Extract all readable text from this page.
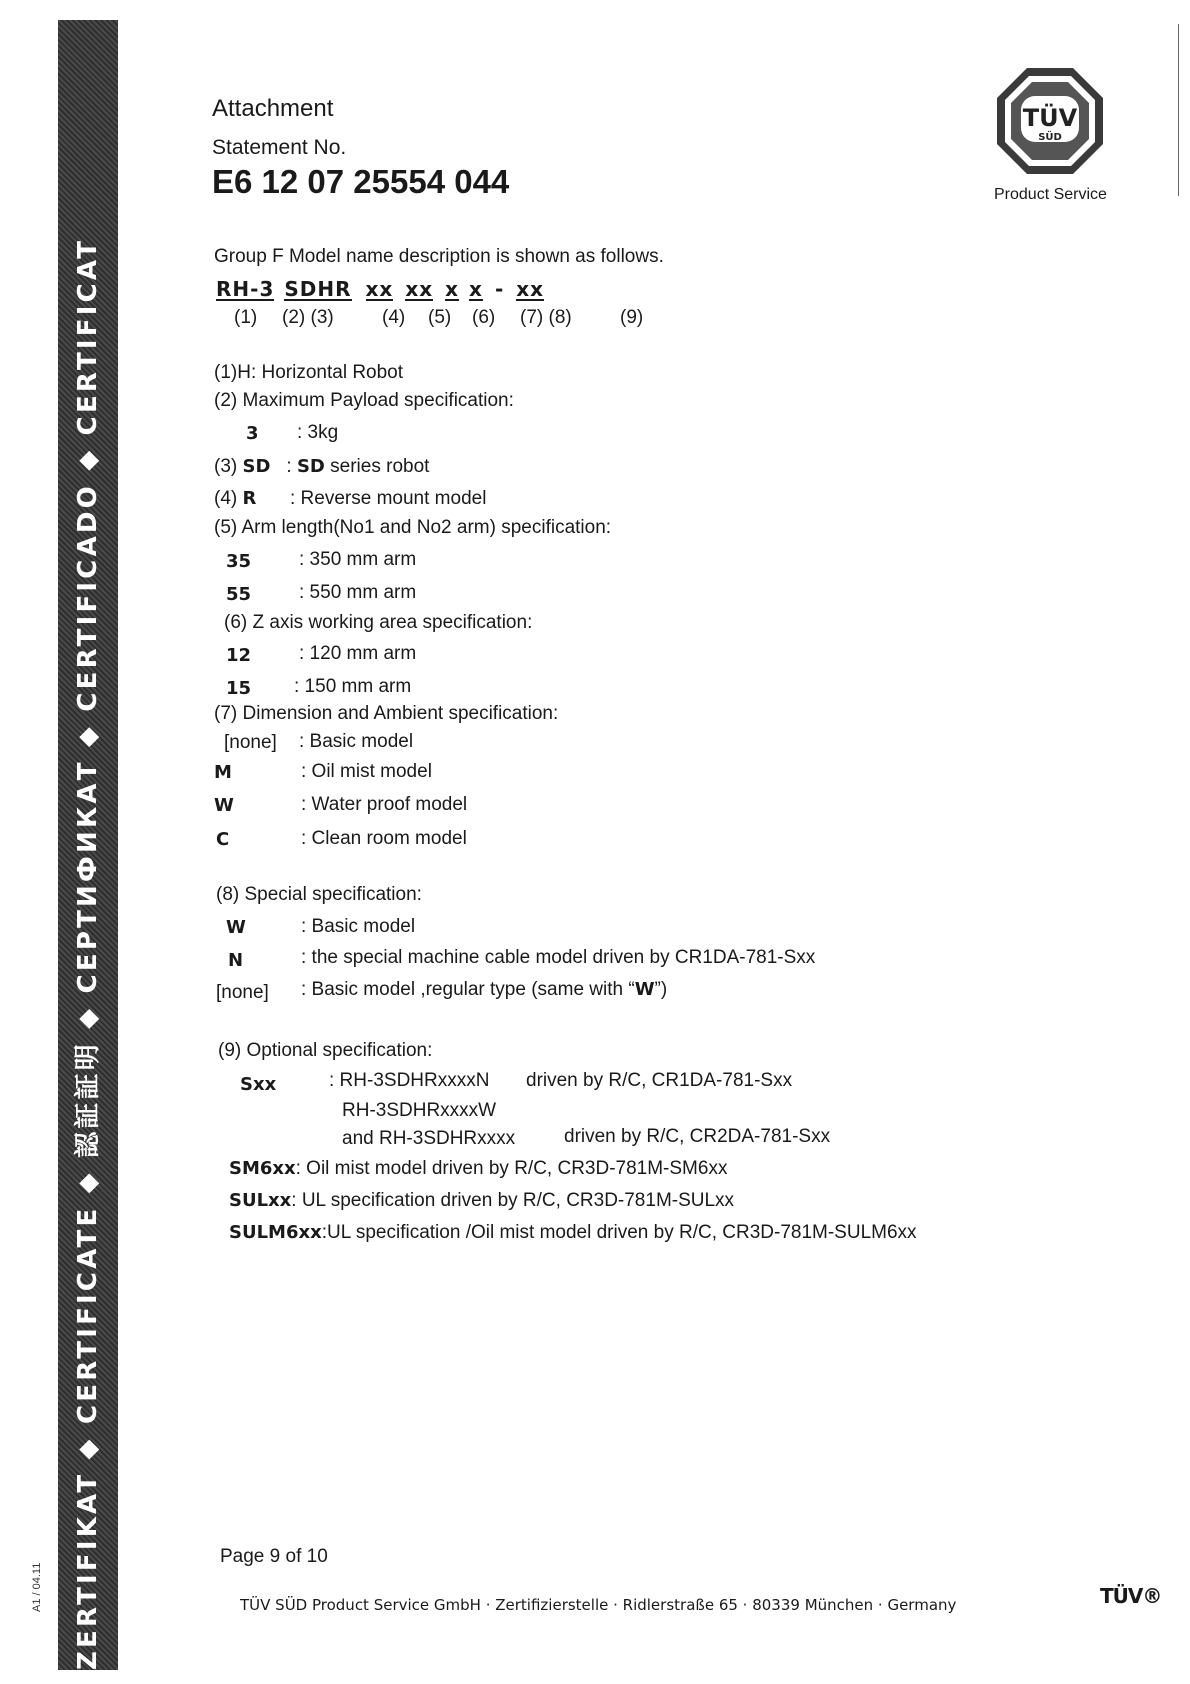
ZERTIFIKAT ◆ CERTIFICATE ◆ 認証証明 ◆ СЕРТИФИКАТ ◆ CERTIFICADO ◆ CERTIFICAT
A1 / 04.11
Attachment
Statement No.
E6 12 07 25554 044
TÜV
SÜD
Product Service
Group F Model name description is shown as follows.
RH-3 SDHR xx xx x x - xx
(1) (2) (3)	(4) (5) (6) (7) (8)	(9)
(1)H: Horizontal Robot
(2) Maximum Payload specification:
3 : 3kg
(3) SD : SD series robot
(4) R : Reverse mount model
(5) Arm length(No1 and No2 arm) specification:
35	: 350 mm arm
55	: 550 mm arm
(6) Z axis working area specification:
12	: 120 mm arm
15 : 150 mm arm
(7) Dimension and Ambient specification:
[none] : Basic model
M	: Oil mist model
W	: Water proof model
C	: Clean room model
(8) Special specification:
W	: Basic model
N	: the special machine cable model driven by CR1DA-781-Sxx
[none] : Basic model ,regular type (same with “W”)
(9) Optional specification:
Sxx	: RH-3SDHRxxxxN driven by R/C, CR1DA-781-Sxx
RH-3SDHRxxxxW
and RH-3SDHRxxxx	driven by R/C, CR2DA-781-Sxx
SM6xx: Oil mist model driven by R/C, CR3D-781M-SM6xx
SULxx: UL specification driven by R/C, CR3D-781M-SULxx
SULM6xx:UL specification /Oil mist model driven by R/C, CR3D-781M-SULM6xx
Page 9 of 10
TÜV SÜD Product Service GmbH · Zertifizierstelle · Ridlerstraße 65 · 80339 München · Germany	TÜV®
